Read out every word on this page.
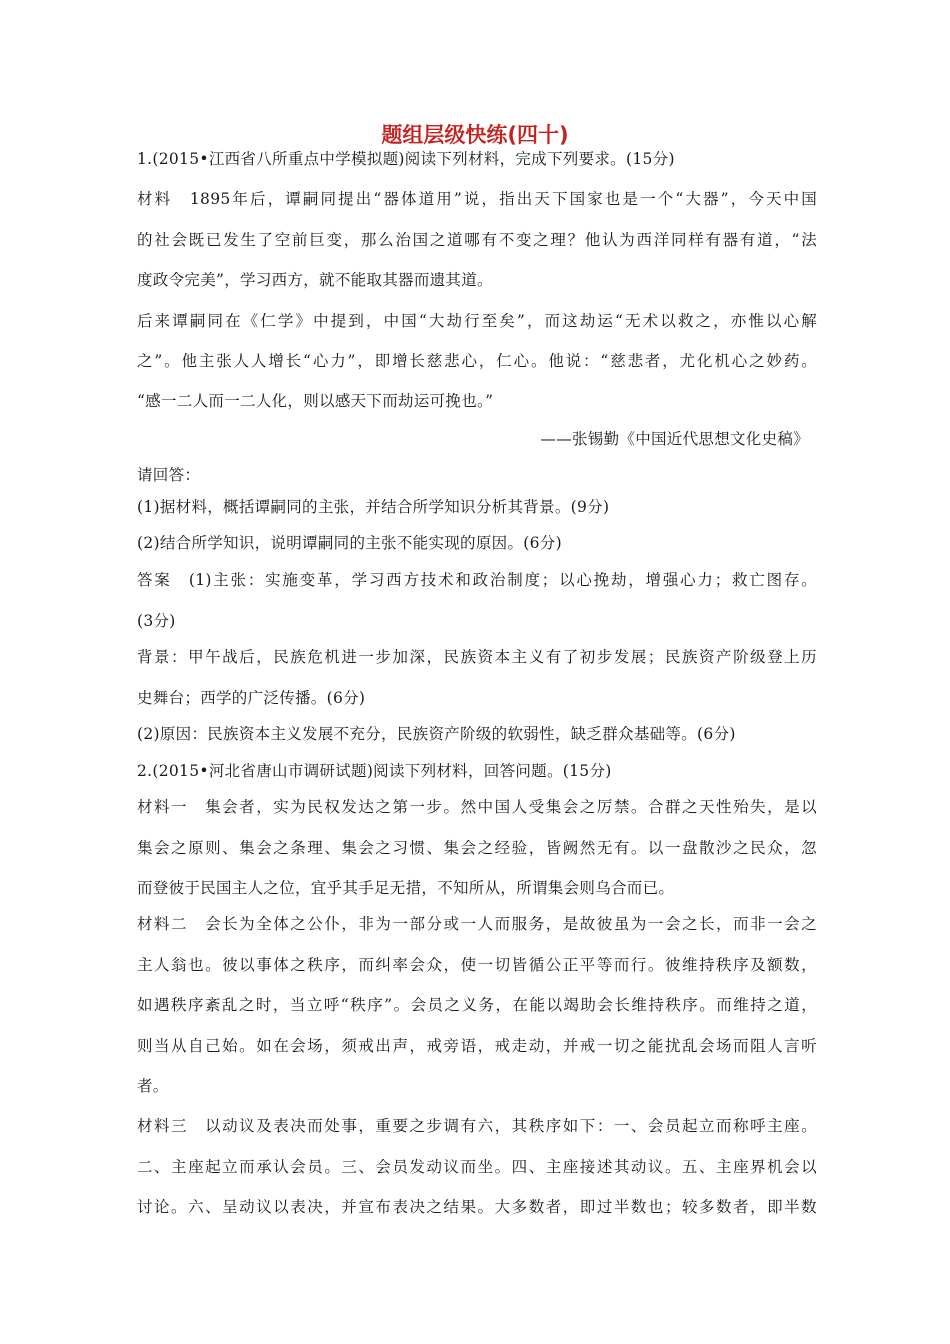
题组层级快练(四十)
1.(2015•江西省八所重点中学模拟题)阅读下列材料，完成下列要求。(15分)
材料　1895年后，谭嗣同提出“器体道用”说，指出天下国家也是一个“大器”，今天中国
的社会既已发生了空前巨变，那么治国之道哪有不变之理？他认为西洋同样有器有道，“法
度政令完美”，学习西方，就不能取其器而遗其道。
后来谭嗣同在《仁学》中提到，中国“大劫行至矣”，而这劫运“无术以救之，亦惟以心解
之”。他主张人人增长“心力”，即增长慈悲心，仁心。他说：“慈悲者，尤化机心之妙药。
“感一二人而一二人化，则以感天下而劫运可挽也。”
——张锡勤《中国近代思想文化史稿》
请回答：
(1)据材料，概括谭嗣同的主张，并结合所学知识分析其背景。(9分)
(2)结合所学知识，说明谭嗣同的主张不能实现的原因。(6分)
答案　(1)主张：实施变革，学习西方技术和政治制度；以心挽劫，增强心力；救亡图存。
(3分)
背景：甲午战后，民族危机进一步加深，民族资本主义有了初步发展；民族资产阶级登上历
史舞台；西学的广泛传播。(6分)
(2)原因：民族资本主义发展不充分，民族资产阶级的软弱性，缺乏群众基础等。(6分)
2.(2015•河北省唐山市调研试题)阅读下列材料，回答问题。(15分)
材料一　集会者，实为民权发达之第一步。然中国人受集会之厉禁。合群之天性殆失，是以
集会之原则、集会之条理、集会之习惯、集会之经验，皆阙然无有。以一盘散沙之民众，忽
而登彼于民国主人之位，宜乎其手足无措，不知所从，所谓集会则乌合而已。
材料二　会长为全体之公仆，非为一部分或一人而服务，是故彼虽为一会之长，而非一会之
主人翁也。彼以事体之秩序，而纠率会众，使一切皆循公正平等而行。彼维持秩序及额数，
如遇秩序紊乱之时，当立呼“秩序”。会员之义务，在能以竭助会长维持秩序。而维持之道，
则当从自己始。如在会场，须戒出声，戒旁语，戒走动，并戒一切之能扰乱会场而阻人言听
者。
材料三　以动议及表决而处事，重要之步调有六，其秩序如下：一、会员起立而称呼主座。
二、主座起立而承认会员。三、会员发动议而坐。四、主座接述其动议。五、主座界机会以
讨论。六、呈动议以表决，并宣布表决之结果。大多数者，即过半数也；较多数者，即半数
